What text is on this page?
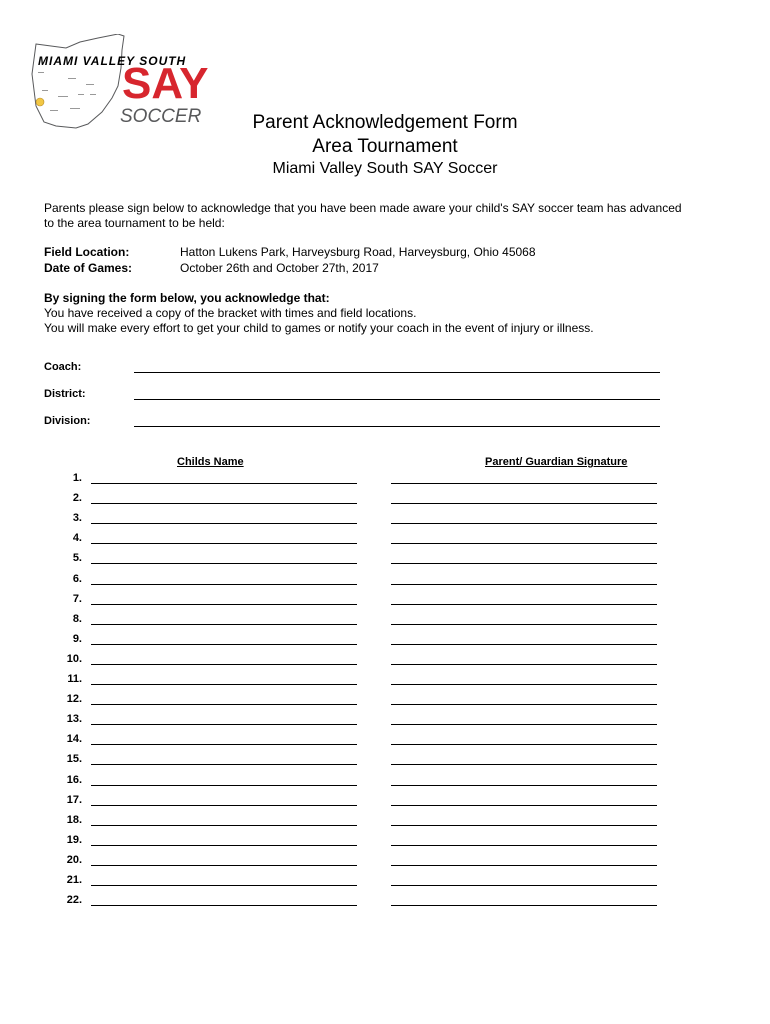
MIAMI VALLEY SOUTH
SAY
SOCCER	Parent Acknowledgement Form
Area Tournament
Miami Valley South SAY Soccer
Parents please sign below to acknowledge that you have been made aware your child's SAY soccer team has advanced to the area tournament to be held:
Field Location:	Hatton Lukens Park, Harveysburg Road, Harveysburg, Ohio 45068
Date of Games:	October 26th and October 27th, 2017
By signing the form below, you acknowledge that:
You have received a copy of the bracket with times and field locations.
You will make every effort to get your child to games or notify your coach in the event of injury or illness.
Coach:
District:
Division:
Childs Name	Parent/ Guardian Signature
1.
2.
3.
4.
5.
6.
7.
8.
9.
10.
11.
12.
13.
14.
15.
16.
17.
18.
19.
20.
21.
22.
